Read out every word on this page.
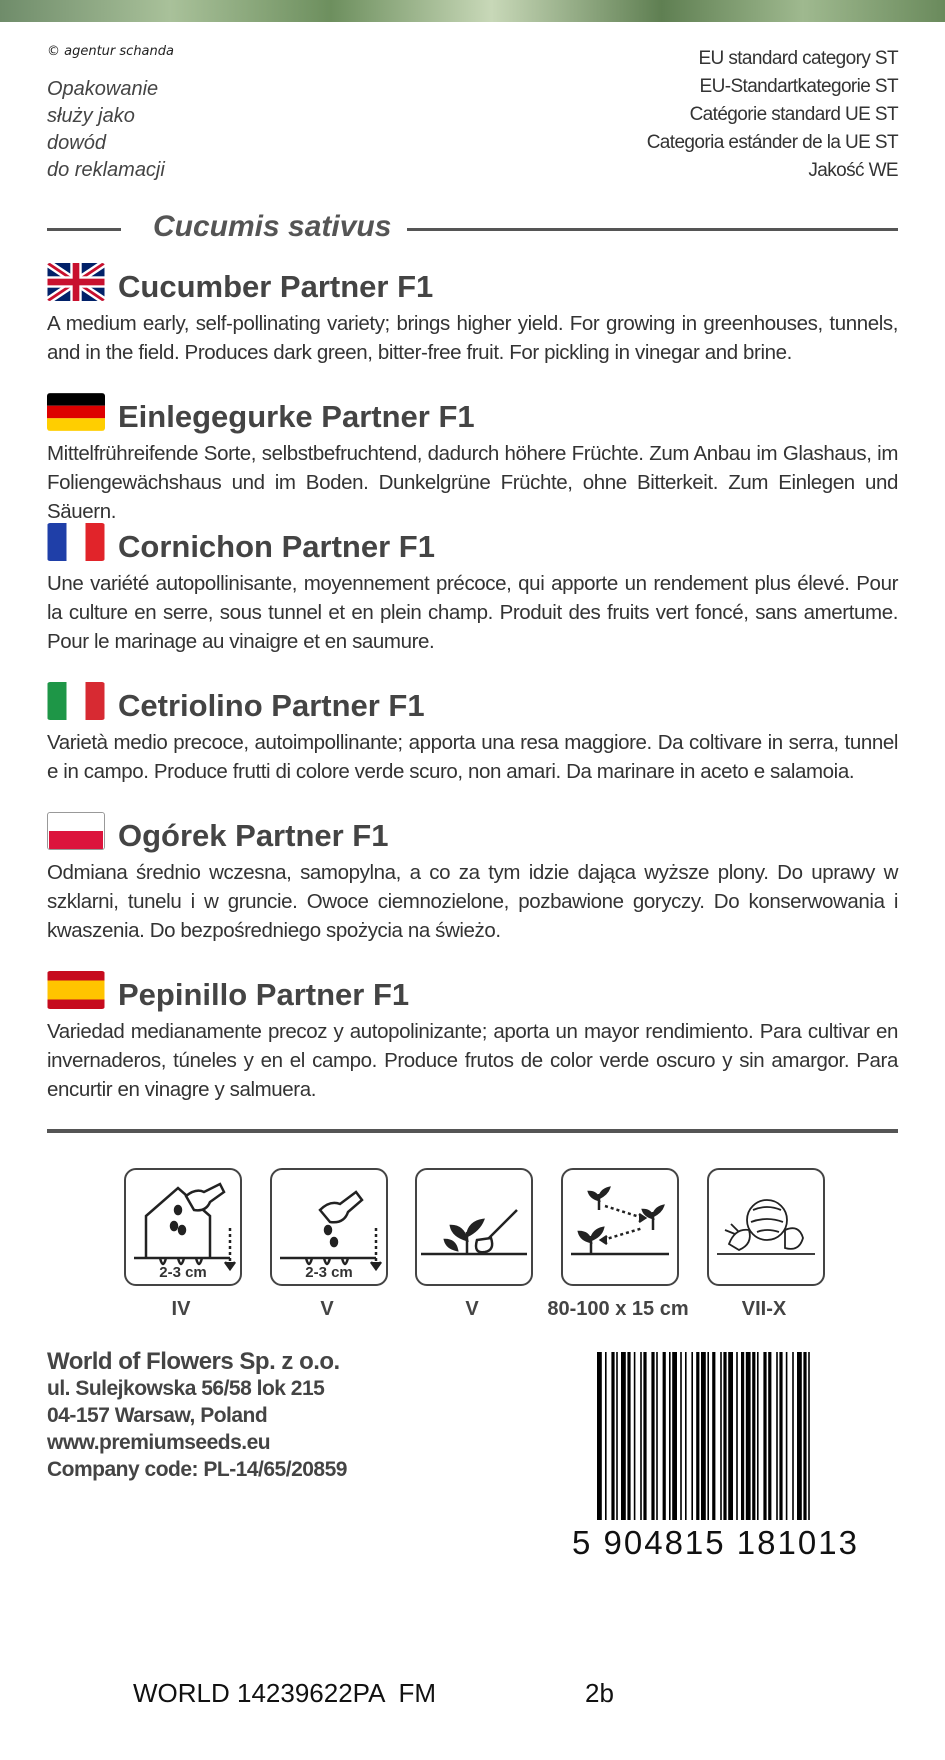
© agentur schanda
Opakowanie
służy jako
dowód
do reklamacji
EU standard category ST
EU-Standartkategorie ST
Catégorie standard UE ST
Categoria estánder de la UE ST
Jakość WE
Cucumis sativus
Cucumber Partner F1

A medium early, self-pollinating variety; brings higher yield. For growing in greenhouses, tunnels, and in the field. Produces dark green, bitter-free fruit. For pickling in vinegar and brine.

Einlegegurke Partner F1

Mittelfrühreifende Sorte, selbstbefruchtend, dadurch höhere Früchte. Zum Anbau im Glashaus, im Foliengewächshaus und im Boden. Dunkelgrüne Früchte, ohne Bitterkeit. Zum Einlegen und Säuern.

Cornichon Partner F1

Une variété autopollinisante, moyennement précoce, qui apporte un rendement plus élevé. Pour la culture en serre, sous tunnel et en plein champ. Produit des fruits vert foncé, sans amertume. Pour le marinage au vinaigre et en saumure.

Cetriolino Partner F1

Varietà medio precoce, autoimpollinante; apporta una resa maggiore. Da coltivare in serra, tunnel e in campo. Produce frutti di colore verde scuro, non amari. Da marinare in aceto e salamoia.

Ogórek Partner F1

Odmiana średnio wczesna, samopylna, a co za tym idzie dająca wyższe plony. Do uprawy w szklarni, tunelu i w gruncie. Owoce ciemnozielone, pozbawione goryczy. Do konserwowania i kwaszenia. Do bezpośredniego spożycia na świeżo.

Pepinillo Partner F1

Variedad medianamente precoz y autopolinizante; aporta un mayor rendimiento. Para cultivar en invernaderos, túneles y en el campo. Produce frutos de color verde oscuro y sin amargor. Para encurtir en vinagre y salmuera.

2-3 cm	2-3 cm
IV	V	V	80-100 x 15 cm	VII-X
World of Flowers Sp. z o.o.
ul. Sulejkowska 56/58 lok 215
04-157 Warsaw, Poland
www.premiumseeds.eu
Company code: PL-14/65/20859
5 904815 181013
WORLD 14239622PA  FM	2b
